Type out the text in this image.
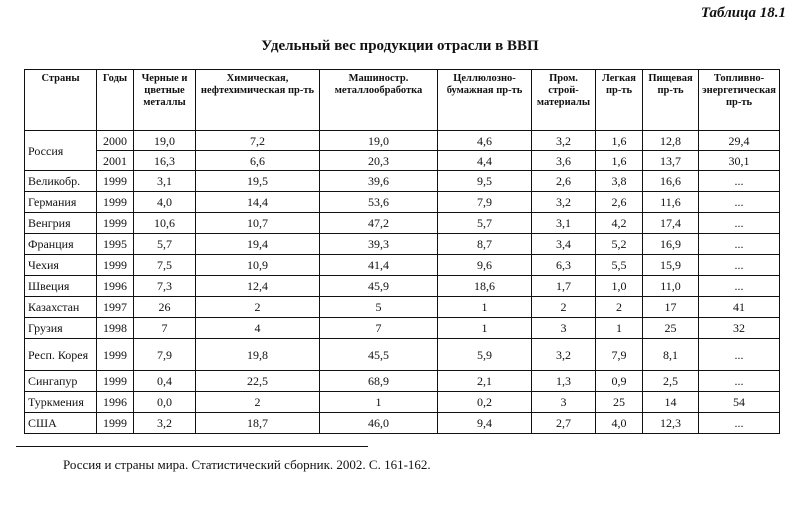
Таблица 18.1
Удельный вес продукции отрасли в ВВП
Страны	Годы	Черные и цветные металлы	Химическая, нефтехимическая пр-ть	Машиностр. металлообработка	Целлюлозно-бумажная пр-ть	Пром. строй-материалы	Легкая пр-ть	Пищевая пр-ть	Топливно-энергетическая пр-ть
Россия	2000	19,0	7,2	19,0	4,6	3,2	1,6	12,8	29,4
	2001	16,3	6,6	20,3	4,4	3,6	1,6	13,7	30,1
Великобр.	1999	3,1	19,5	39,6	9,5	2,6	3,8	16,6	...
Германия	1999	4,0	14,4	53,6	7,9	3,2	2,6	11,6	...
Венгрия	1999	10,6	10,7	47,2	5,7	3,1	4,2	17,4	...
Франция	1995	5,7	19,4	39,3	8,7	3,4	5,2	16,9	...
Чехия	1999	7,5	10,9	41,4	9,6	6,3	5,5	15,9	...
Швеция	1996	7,3	12,4	45,9	18,6	1,7	1,0	11,0	...
Казахстан	1997	26	2	5	1	2	2	17	41
Грузия	1998	7	4	7	1	3	1	25	32
Респ. Корея	1999	7,9	19,8	45,5	5,9	3,2	7,9	8,1	...
Сингапур	1999	0,4	22,5	68,9	2,1	1,3	0,9	2,5	...
Туркмения	1996	0,0	2	1	0,2	3	25	14	54
США	1999	3,2	18,7	46,0	9,4	2,7	4,0	12,3	...
Россия и страны мира. Статистический сборник. 2002. С. 161-162.
